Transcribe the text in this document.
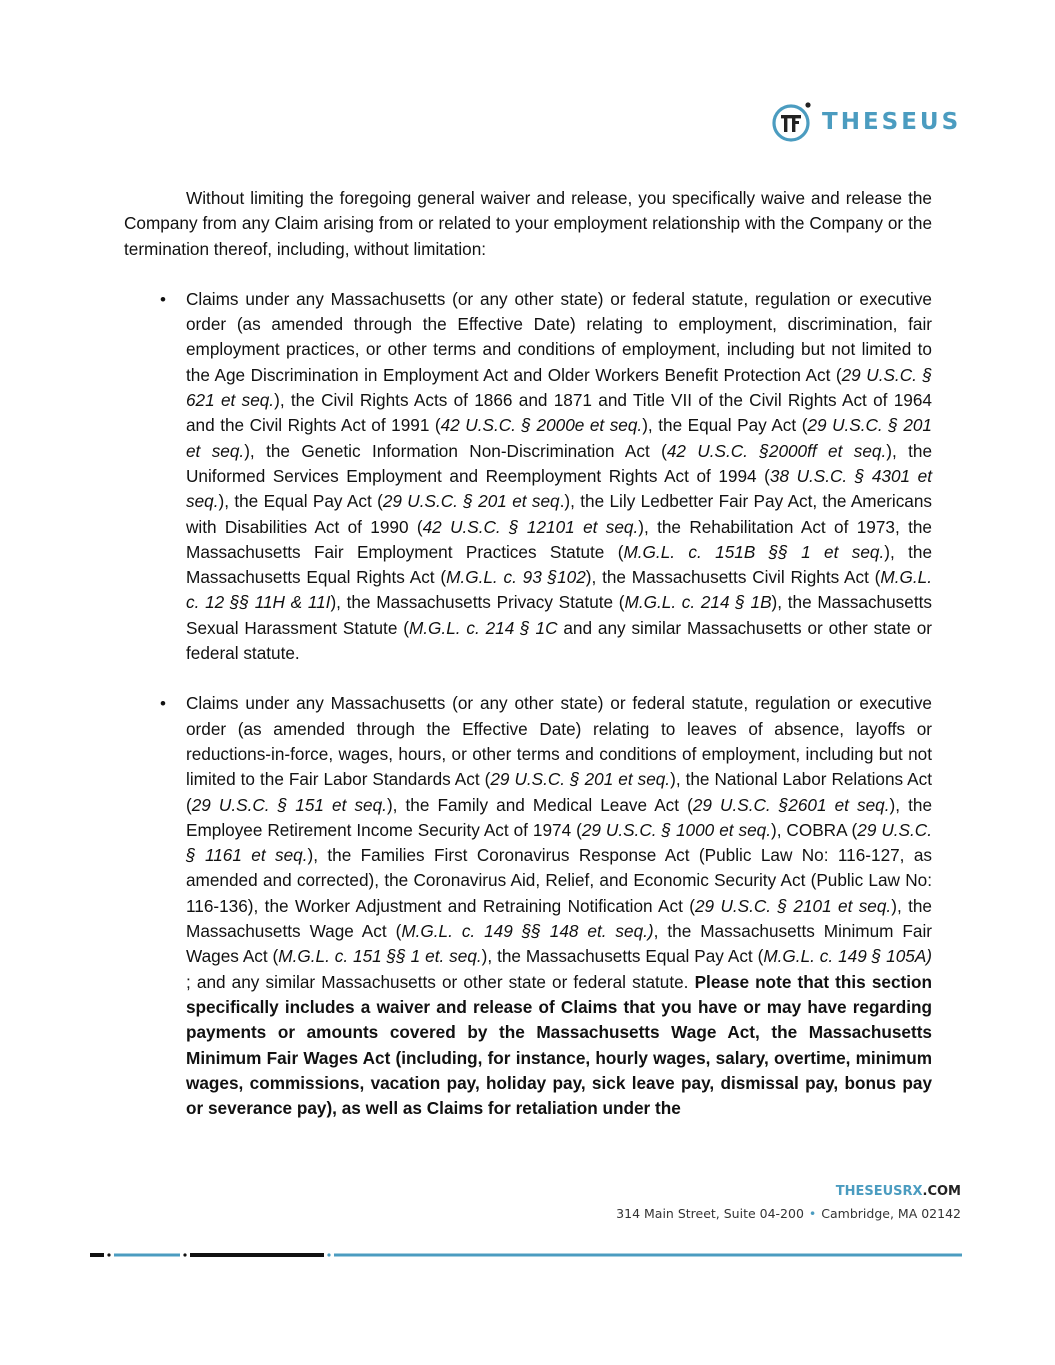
THESEUS

Without limiting the foregoing general waiver and release, you specifically waive and release the Company from any Claim arising from or related to your employment relationship with the Company or the termination thereof, including, without limitation:

• Claims under any Massachusetts (or any other state) or federal statute, regulation or executive order (as amended through the Effective Date) relating to employment, discrimination, fair employment practices, or other terms and conditions of employment, including but not limited to the Age Discrimination in Employment Act and Older Workers Benefit Protection Act (29 U.S.C. § 621 et seq.), the Civil Rights Acts of 1866 and 1871 and Title VII of the Civil Rights Act of 1964 and the Civil Rights Act of 1991 (42 U.S.C. § 2000e et seq.), the Equal Pay Act (29 U.S.C. § 201 et seq.), the Genetic Information Non-Discrimination Act (42 U.S.C. §2000ff et seq.), the Uniformed Services Employment and Reemployment Rights Act of 1994 (38 U.S.C. § 4301 et seq.), the Equal Pay Act (29 U.S.C. § 201 et seq.), the Lily Ledbetter Fair Pay Act, the Americans with Disabilities Act of 1990 (42 U.S.C. § 12101 et seq.), the Rehabilitation Act of 1973, the Massachusetts Fair Employment Practices Statute (M.G.L. c. 151B §§ 1 et seq.), the Massachusetts Equal Rights Act (M.G.L. c. 93 §102), the Massachusetts Civil Rights Act (M.G.L. c. 12 §§ 11H & 11I), the Massachusetts Privacy Statute (M.G.L. c. 214 § 1B), the Massachusetts Sexual Harassment Statute (M.G.L. c. 214 § 1C and any similar Massachusetts or other state or federal statute.

• Claims under any Massachusetts (or any other state) or federal statute, regulation or executive order (as amended through the Effective Date) relating to leaves of absence, layoffs or reductions-in-force, wages, hours, or other terms and conditions of employment, including but not limited to the Fair Labor Standards Act (29 U.S.C. § 201 et seq.), the National Labor Relations Act (29 U.S.C. § 151 et seq.), the Family and Medical Leave Act (29 U.S.C. §2601 et seq.), the Employee Retirement Income Security Act of 1974 (29 U.S.C. § 1000 et seq.), COBRA (29 U.S.C. § 1161 et seq.), the Families First Coronavirus Response Act (Public Law No: 116-127, as amended and corrected), the Coronavirus Aid, Relief, and Economic Security Act (Public Law No: 116-136), the Worker Adjustment and Retraining Notification Act (29 U.S.C. § 2101 et seq.), the Massachusetts Wage Act (M.G.L. c. 149 §§ 148 et. seq.), the Massachusetts Minimum Fair Wages Act (M.G.L. c. 151 §§ 1 et. seq.), the Massachusetts Equal Pay Act (M.G.L. c. 149 § 105A) ; and any similar Massachusetts or other state or federal statute. Please note that this section specifically includes a waiver and release of Claims that you have or may have regarding payments or amounts covered by the Massachusetts Wage Act, the Massachusetts Minimum Fair Wages Act (including, for instance, hourly wages, salary, overtime, minimum wages, commissions, vacation pay, holiday pay, sick leave pay, dismissal pay, bonus pay or severance pay), as well as Claims for retaliation under the

THESEUSRX.COM
314 Main Street, Suite 04-200 • Cambridge, MA 02142
